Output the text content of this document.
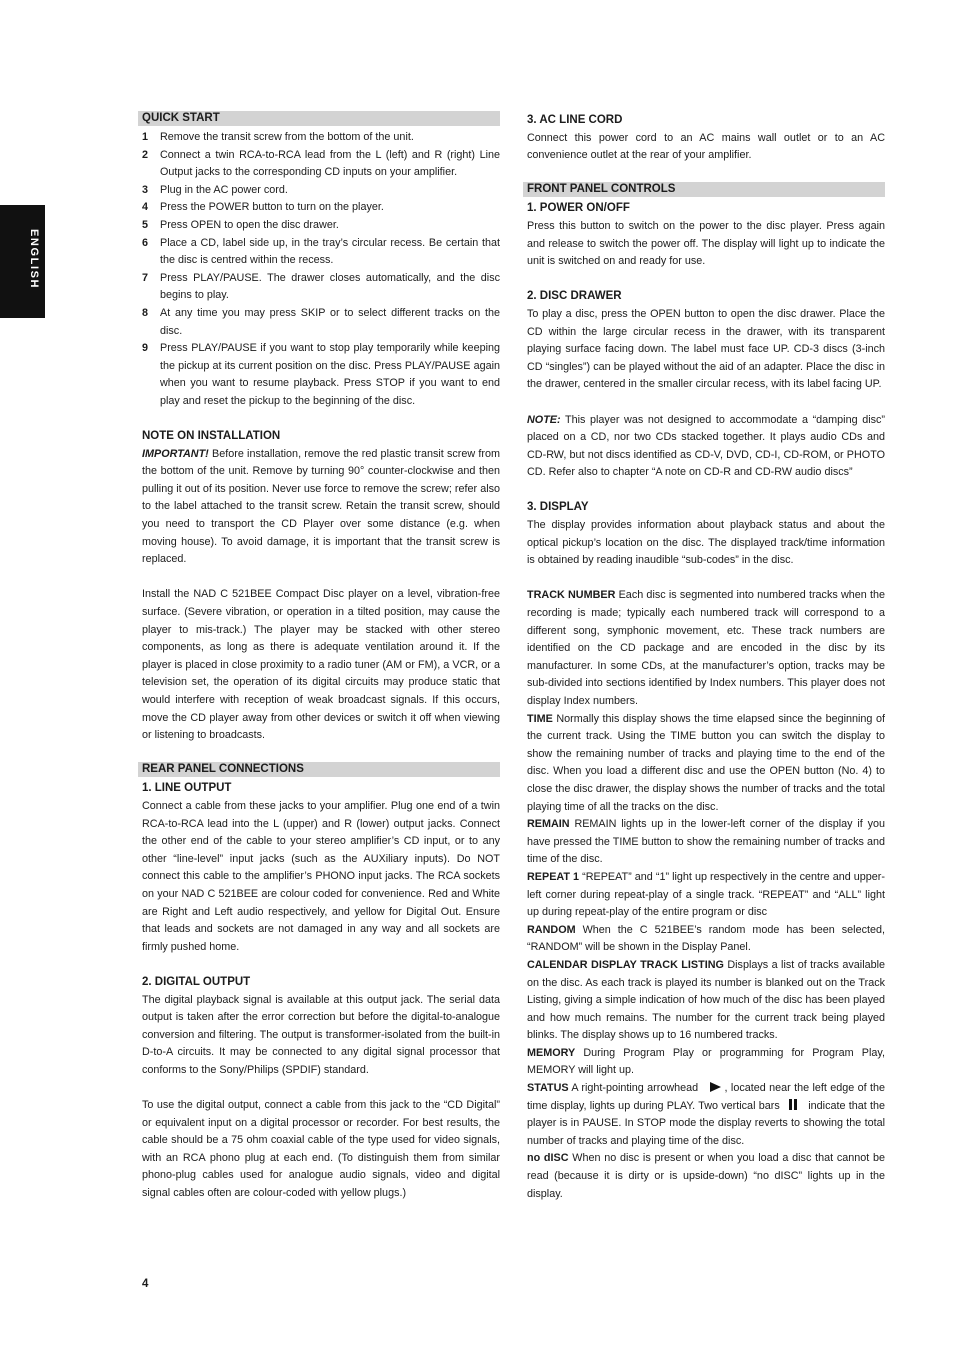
ENGLISH
QUICK START
1	Remove the transit screw from the bottom of the unit.
2	Connect a twin RCA-to-RCA lead from the L (left) and R (right) Line Output jacks to the corresponding CD inputs on your amplifier.
3	Plug in the AC power cord.
4	Press the POWER button to turn on the player.
5	Press OPEN to open the disc drawer.
6	Place a CD, label side up, in the tray’s circular recess. Be certain that the disc is centred within the recess.
7	Press PLAY/PAUSE. The drawer closes automatically, and the disc begins to play.
8	At any time you may press SKIP or to select different tracks on the disc.
9	Press PLAY/PAUSE if you want to stop play temporarily while keeping the pickup at its current position on the disc. Press PLAY/PAUSE again when you want to resume playback. Press STOP if you want to end play and reset the pickup to the beginning of the disc.
NOTE ON INSTALLATION

IMPORTANT! Before installation, remove the red plastic transit screw from the bottom of the unit. Remove by turning 90° counter-clockwise and then pulling it out of its position. Never use force to remove the screw; refer also to the label attached to the transit screw. Retain the transit screw, should you need to transport the CD Player over some distance (e.g. when moving house). To avoid damage, it is important that the transit screw is replaced.

Install the NAD C 521BEE Compact Disc player on a level, vibration-free surface. (Severe vibration, or operation in a tilted position, may cause the player to mis-track.) The player may be stacked with other stereo components, as long as there is adequate ventilation around it. If the player is placed in close proximity to a radio tuner (AM or FM), a VCR, or a television set, the operation of its digital circuits may produce static that would interfere with reception of weak broadcast signals. If this occurs, move the CD player away from other devices or switch it off when viewing or listening to broadcasts.

REAR PANEL CONNECTIONS
1. LINE OUTPUT

Connect a cable from these jacks to your amplifier. Plug one end of a twin RCA-to-RCA lead into the L (upper) and R (lower) output jacks. Connect the other end of the cable to your stereo amplifier’s CD input, or to any other “line-level” input jacks (such as the AUXiliary inputs). Do NOT connect this cable to the amplifier’s PHONO input jacks. The RCA sockets on your NAD C 521BEE are colour coded for convenience. Red and White are Right and Left audio respectively, and yellow for Digital Out. Ensure that leads and sockets are not damaged in any way and all sockets are firmly pushed home.

2. DIGITAL OUTPUT

The digital playback signal is available at this output jack. The serial data output is taken after the error correction but before the digital-to-analogue conversion and filtering. The output is transformer-isolated from the built-in D-to-A circuits. It may be connected to any digital signal processor that conforms to the Sony/Philips (SPDIF) standard.

To use the digital output, connect a cable from this jack to the “CD Digital” or equivalent input on a digital processor or recorder. For best results, the cable should be a 75 ohm coaxial cable of the type used for video signals, with an RCA phono plug at each end. (To distinguish them from similar phono-plug cables used for analogue audio signals, video and digital signal cables often are colour-coded with yellow plugs.)

3. AC LINE CORD

Connect this power cord to an AC mains wall outlet or to an AC convenience outlet at the rear of your amplifier.

FRONT PANEL CONTROLS
1. POWER ON/OFF

Press this button to switch on the power to the disc player. Press again and release to switch the power off. The display will light up to indicate the unit is switched on and ready for use.

2. DISC DRAWER

To play a disc, press the OPEN button to open the disc drawer. Place the CD within the large circular recess in the drawer, with its transparent playing surface facing down. The label must face UP. CD-3 discs (3-inch CD “singles”) can be played without the aid of an adapter. Place the disc in the drawer, centered in the smaller circular recess, with its label facing UP.

NOTE: This player was not designed to accommodate a “damping disc” placed on a CD, nor two CDs stacked together. It plays audio CDs and CD-RW, but not discs identified as CD-V, DVD, CD-I, CD-ROM, or PHOTO CD. Refer also to chapter “A note on CD-R and CD-RW audio discs”

3. DISPLAY

The display provides information about playback status and about the optical pickup’s location on the disc. The displayed track/time information is obtained by reading inaudible “sub-codes” in the disc.

TRACK NUMBER Each disc is segmented into numbered tracks when the recording is made; typically each numbered track will correspond to a different song, symphonic movement, etc. These track numbers are identified on the CD package and are encoded in the disc by its manufacturer. In some CDs, at the manufacturer’s option, tracks may be sub-divided into sections identified by Index numbers. This player does not display Index numbers.

TIME Normally this display shows the time elapsed since the beginning of the current track. Using the TIME button you can switch the display to show the remaining number of tracks and playing time to the end of the disc. When you load a different disc and use the OPEN button (No. 4) to close the disc drawer, the display shows the number of tracks and the total playing time of all the tracks on the disc.

REMAIN REMAIN lights up in the lower-left corner of the display if you have pressed the TIME button to show the remaining number of tracks and time of the disc.

REPEAT 1 “REPEAT” and “1” light up respectively in the centre and upper-left corner during repeat-play of a single track. “REPEAT” and “ALL” light up during repeat-play of the entire program or disc

RANDOM When the C 521BEE’s random mode has been selected, “RANDOM” will be shown in the Display Panel.

CALENDAR DISPLAY TRACK LISTING Displays a list of tracks available on the disc. As each track is played its number is blanked out on the Track Listing, giving a simple indication of how much of the disc has been played and how much remains. The number for the current track being played blinks. The display shows up to 16 numbered tracks.

MEMORY During Program Play or programming for Program Play, MEMORY will light up.

STATUS A right-pointing arrowhead , located near the left edge of the time display, lights up during PLAY. Two vertical bars	indicate that the player is in PAUSE. In STOP mode the display reverts to showing the total number of tracks and playing time of the disc.

no dISC When no disc is present or when you load a disc that cannot be read (because it is dirty or is upside-down) “no dISC” lights up in the display.

4
